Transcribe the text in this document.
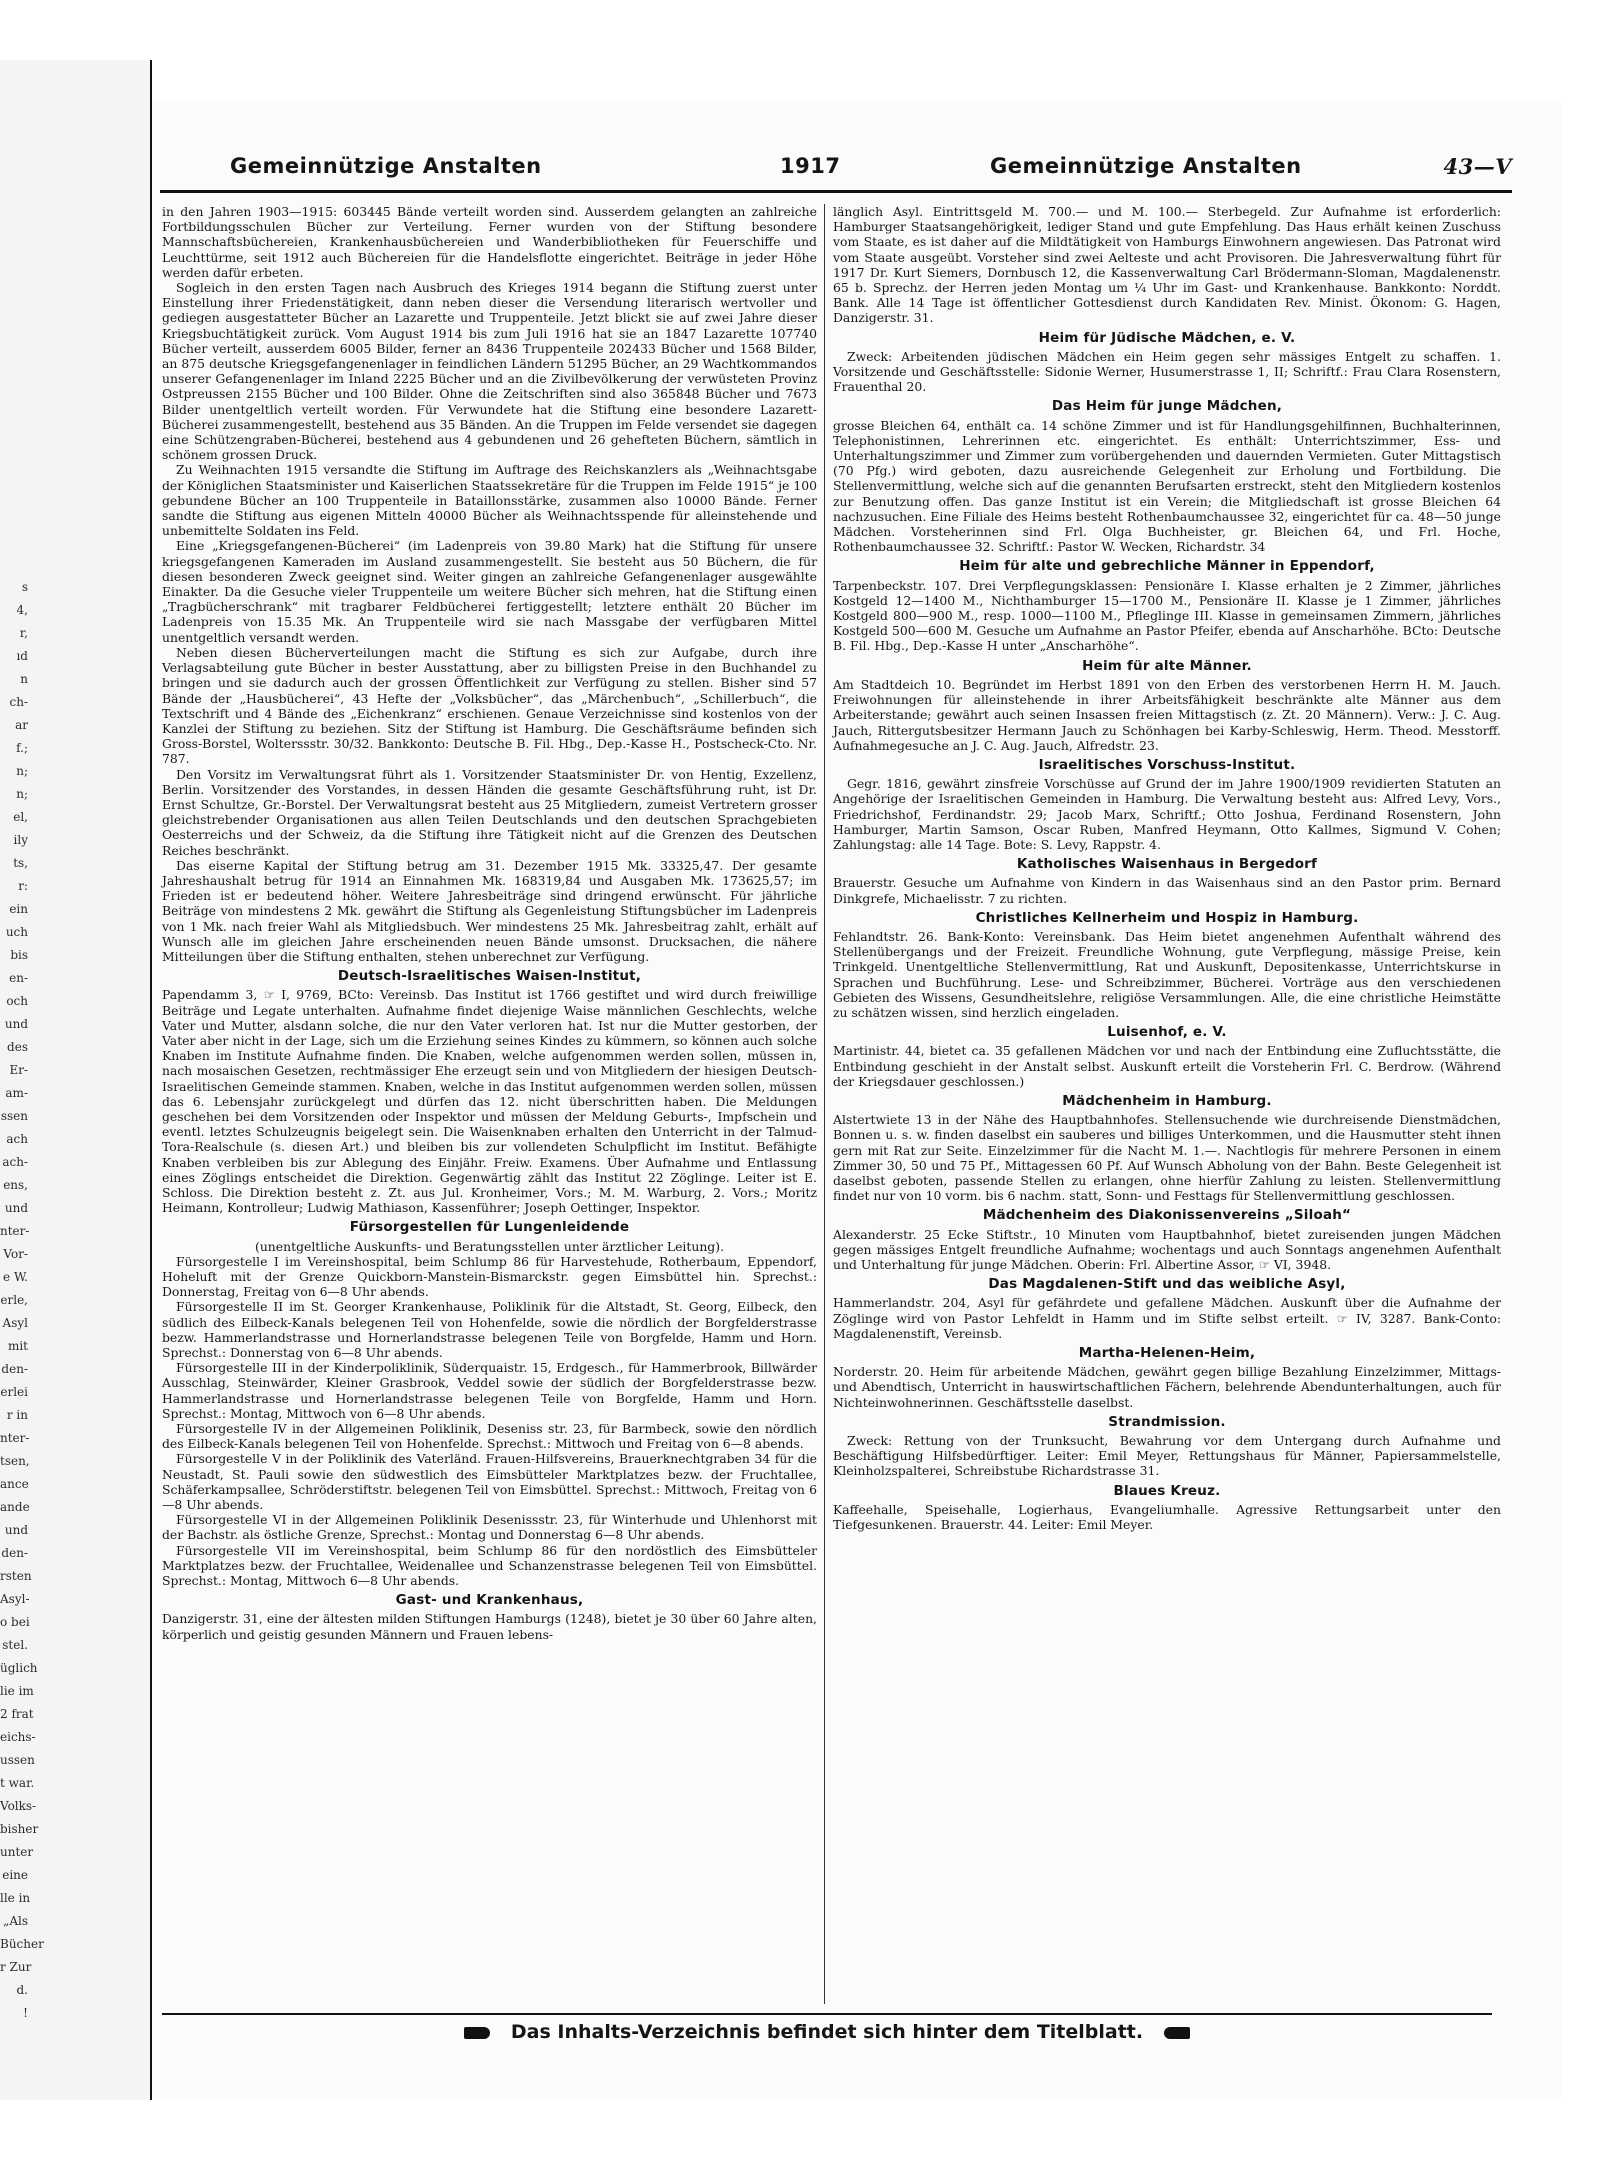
s
4,
r,
ıd
n
ch-
ar
f.;
n;
n;
el,
ily
ts,
r:
ein
uch
bis
en-
och
und
des
Er-
am-
ssen
ach
ach-
ens,
und
nter-
Vor-
e W.
erle,
Asyl
mit
den-
erlei
r in
nter-
tsen,
ance
ande
und
den-
rsten
Asyl-
o bei
stel.
üglich
lie im
2 frat
eichs-
ussen
t war.
Volks-
bisher
unter
eine
lle in
„Als
Bücher
r Zur
d.
!
Gemeinnützige Anstalten	1917	Gemeinnützige Anstalten	43—V

in den Jahren 1903—1915: 603445 Bände verteilt worden sind. Ausserdem gelangten an zahlreiche Fortbildungsschulen Bücher zur Verteilung. Ferner wurden von der Stiftung besondere Mannschaftsbüchereien, Krankenhausbüchereien und Wanderbibliotheken für Feuerschiffe und Leuchttürme, seit 1912 auch Büchereien für die Handelsflotte eingerichtet. Beiträge in jeder Höhe werden dafür erbeten.

Sogleich in den ersten Tagen nach Ausbruch des Krieges 1914 begann die Stiftung zuerst unter Einstellung ihrer Friedenstätigkeit, dann neben dieser die Versendung literarisch wertvoller und gediegen ausgestatteter Bücher an Lazarette und Truppenteile. Jetzt blickt sie auf zwei Jahre dieser Kriegsbuchtätigkeit zurück. Vom August 1914 bis zum Juli 1916 hat sie an 1847 Lazarette 107740 Bücher verteilt, ausserdem 6005 Bilder, ferner an 8436 Truppenteile 202433 Bücher und 1568 Bilder, an 875 deutsche Kriegsgefangenenlager in feindlichen Ländern 51295 Bücher, an 29 Wachtkommandos unserer Gefangenenlager im Inland 2225 Bücher und an die Zivilbevölkerung der verwüsteten Provinz Ostpreussen 2155 Bücher und 100 Bilder. Ohne die Zeitschriften sind also 365848 Bücher und 7673 Bilder unentgeltlich verteilt worden. Für Verwundete hat die Stiftung eine besondere Lazarett-Bücherei zusammengestellt, bestehend aus 35 Bänden. An die Truppen im Felde versendet sie dagegen eine Schützengraben-Bücherei, bestehend aus 4 gebundenen und 26 gehefteten Büchern, sämtlich in schönem grossen Druck.

Zu Weihnachten 1915 versandte die Stiftung im Auftrage des Reichskanzlers als „Weihnachtsgabe der Königlichen Staatsminister und Kaiserlichen Staatssekretäre für die Truppen im Felde 1915“ je 100 gebundene Bücher an 100 Truppenteile in Bataillonsstärke, zusammen also 10000 Bände. Ferner sandte die Stiftung aus eigenen Mitteln 40000 Bücher als Weihnachtsspende für alleinstehende und unbemittelte Soldaten ins Feld.

Eine „Kriegsgefangenen-Bücherei“ (im Ladenpreis von 39.80 Mark) hat die Stiftung für unsere kriegsgefangenen Kameraden im Ausland zusammengestellt. Sie besteht aus 50 Büchern, die für diesen besonderen Zweck geeignet sind. Weiter gingen an zahlreiche Gefangenenlager ausgewählte Einakter. Da die Gesuche vieler Truppenteile um weitere Bücher sich mehren, hat die Stiftung einen „Tragbücherschrank“ mit tragbarer Feldbücherei fertiggestellt; letztere enthält 20 Bücher im Ladenpreis von 15.35 Mk. An Truppenteile wird sie nach Massgabe der verfügbaren Mittel unentgeltlich versandt werden.

Neben diesen Bücherverteilungen macht die Stiftung es sich zur Aufgabe, durch ihre Verlagsabteilung gute Bücher in bester Ausstattung, aber zu billigsten Preise in den Buchhandel zu bringen und sie dadurch auch der grossen Öffentlichkeit zur Verfügung zu stellen. Bisher sind 57 Bände der „Hausbücherei“, 43 Hefte der „Volksbücher“, das „Märchenbuch“, „Schillerbuch“, die Textschrift und 4 Bände des „Eichenkranz“ erschienen. Genaue Verzeichnisse sind kostenlos von der Kanzlei der Stiftung zu beziehen. Sitz der Stiftung ist Hamburg. Die Geschäftsräume befinden sich Gross-Borstel, Wolterssstr. 30/32. Bankkonto: Deutsche B. Fil. Hbg., Dep.-Kasse H., Postscheck-Cto. Nr. 787.

Den Vorsitz im Verwaltungsrat führt als 1. Vorsitzender Staatsminister Dr. von Hentig, Exzellenz, Berlin. Vorsitzender des Vorstandes, in dessen Händen die gesamte Geschäftsführung ruht, ist Dr. Ernst Schultze, Gr.-Borstel. Der Verwaltungsrat besteht aus 25 Mitgliedern, zumeist Vertretern grosser gleichstrebender Organisationen aus allen Teilen Deutschlands und den deutschen Sprachgebieten Oesterreichs und der Schweiz, da die Stiftung ihre Tätigkeit nicht auf die Grenzen des Deutschen Reiches beschränkt.

Das eiserne Kapital der Stiftung betrug am 31. Dezember 1915 Mk. 33325,47. Der gesamte Jahreshaushalt betrug für 1914 an Einnahmen Mk. 168319,84 und Ausgaben Mk. 173625,57; im Frieden ist er bedeutend höher. Weitere Jahresbeiträge sind dringend erwünscht. Für jährliche Beiträge von mindestens 2 Mk. gewährt die Stiftung als Gegenleistung Stiftungsbücher im Ladenpreis von 1 Mk. nach freier Wahl als Mitgliedsbuch. Wer mindestens 25 Mk. Jahresbeitrag zahlt, erhält auf Wunsch alle im gleichen Jahre erscheinenden neuen Bände umsonst. Drucksachen, die nähere Mitteilungen über die Stiftung enthalten, stehen unberechnet zur Verfügung.

Deutsch-Israelitisches Waisen-Institut,

Papendamm 3, ☞ I, 9769, BCto: Vereinsb. Das Institut ist 1766 gestiftet und wird durch freiwillige Beiträge und Legate unterhalten. Aufnahme findet diejenige Waise männlichen Geschlechts, welche Vater und Mutter, alsdann solche, die nur den Vater verloren hat. Ist nur die Mutter gestorben, der Vater aber nicht in der Lage, sich um die Erziehung seines Kindes zu kümmern, so können auch solche Knaben im Institute Aufnahme finden. Die Knaben, welche aufgenommen werden sollen, müssen in, nach mosaischen Gesetzen, rechtmässiger Ehe erzeugt sein und von Mitgliedern der hiesigen Deutsch-Israelitischen Gemeinde stammen. Knaben, welche in das Institut aufgenommen werden sollen, müssen das 6. Lebensjahr zurückgelegt und dürfen das 12. nicht überschritten haben. Die Meldungen geschehen bei dem Vorsitzenden oder Inspektor und müssen der Meldung Geburts-, Impfschein und eventl. letztes Schulzeugnis beigelegt sein. Die Waisenknaben erhalten den Unterricht in der Talmud-Tora-Realschule (s. diesen Art.) und bleiben bis zur vollendeten Schulpflicht im Institut. Befähigte Knaben verbleiben bis zur Ablegung des Einjähr. Freiw. Examens. Über Aufnahme und Entlassung eines Zöglings entscheidet die Direktion. Gegenwärtig zählt das Institut 22 Zöglinge. Leiter ist E. Schloss. Die Direktion besteht z. Zt. aus Jul. Kronheimer, Vors.; M. M. Warburg, 2. Vors.; Moritz Heimann, Kontrolleur; Ludwig Mathiason, Kassenführer; Joseph Oettinger, Inspektor.

Fürsorgestellen für Lungenleidende

(unentgeltliche Auskunfts- und Beratungsstellen unter ärztlicher Leitung).

Fürsorgestelle I im Vereinshospital, beim Schlump 86 für Harvestehude, Rotherbaum, Eppendorf, Hoheluft mit der Grenze Quickborn-Manstein-Bismarckstr. gegen Eimsbüttel hin. Sprechst.: Donnerstag, Freitag von 6—8 Uhr abends.

Fürsorgestelle II im St. Georger Krankenhause, Poliklinik für die Altstadt, St. Georg, Eilbeck, den südlich des Eilbeck-Kanals belegenen Teil von Hohenfelde, sowie die nördlich der Borgfelderstrasse bezw. Hammerlandstrasse und Hornerlandstrasse belegenen Teile von Borgfelde, Hamm und Horn. Sprechst.: Donnerstag von 6—8 Uhr abends.

Fürsorgestelle III in der Kinderpoliklinik, Süderquaistr. 15, Erdgesch., für Hammerbrook, Billwärder Ausschlag, Steinwärder, Kleiner Grasbrook, Veddel sowie der südlich der Borgfelderstrasse bezw. Hammerlandstrasse und Hornerlandstrasse belegenen Teile von Borgfelde, Hamm und Horn. Sprechst.: Montag, Mittwoch von 6—8 Uhr abends.

Fürsorgestelle IV in der Allgemeinen Poliklinik, Deseniss str. 23, für Barmbeck, sowie den nördlich des Eilbeck-Kanals belegenen Teil von Hohenfelde. Sprechst.: Mittwoch und Freitag von 6—8 abends.

Fürsorgestelle V in der Poliklinik des Vaterländ. Frauen-Hilfsvereins, Brauerknechtgraben 34 für die Neustadt, St. Pauli sowie den südwestlich des Eimsbütteler Marktplatzes bezw. der Fruchtallee, Schäferkampsallee, Schröderstiftstr. belegenen Teil von Eimsbüttel. Sprechst.: Mittwoch, Freitag von 6—8 Uhr abends.

Fürsorgestelle VI in der Allgemeinen Poliklinik Desenissstr. 23, für Winterhude und Uhlenhorst mit der Bachstr. als östliche Grenze, Sprechst.: Montag und Donnerstag 6—8 Uhr abends.

Fürsorgestelle VII im Vereinshospital, beim Schlump 86 für den nordöstlich des Eimsbütteler Marktplatzes bezw. der Fruchtallee, Weidenallee und Schanzenstrasse belegenen Teil von Eimsbüttel. Sprechst.: Montag, Mittwoch 6—8 Uhr abends.

Gast- und Krankenhaus,

Danzigerstr. 31, eine der ältesten milden Stiftungen Hamburgs (1248), bietet je 30 über 60 Jahre alten, körperlich und geistig gesunden Männern und Frauen lebens-

länglich Asyl. Eintrittsgeld M. 700.— und M. 100.— Sterbegeld. Zur Aufnahme ist erforderlich: Hamburger Staatsangehörigkeit, lediger Stand und gute Empfehlung. Das Haus erhält keinen Zuschuss vom Staate, es ist daher auf die Mildtätigkeit von Hamburgs Einwohnern angewiesen. Das Patronat wird vom Staate ausgeübt. Vorsteher sind zwei Aelteste und acht Provisoren. Die Jahresverwaltung führt für 1917 Dr. Kurt Siemers, Dornbusch 12, die Kassenverwaltung Carl Brödermann-Sloman, Magdalenenstr. 65 b. Sprechz. der Herren jeden Montag um ¼ Uhr im Gast- und Krankenhause. Bankkonto: Norddt. Bank. Alle 14 Tage ist öffentlicher Gottesdienst durch Kandidaten Rev. Minist. Ökonom: G. Hagen, Danzigerstr. 31.

Heim für Jüdische Mädchen, e. V.

Zweck: Arbeitenden jüdischen Mädchen ein Heim gegen sehr mässiges Entgelt zu schaffen. 1. Vorsitzende und Geschäftsstelle: Sidonie Werner, Husumerstrasse 1, II; Schriftf.: Frau Clara Rosenstern, Frauenthal 20.

Das Heim für junge Mädchen,

grosse Bleichen 64, enthält ca. 14 schöne Zimmer und ist für Handlungsgehilfinnen, Buchhalterinnen, Telephonistinnen, Lehrerinnen etc. eingerichtet. Es enthält: Unterrichtszimmer, Ess- und Unterhaltungszimmer und Zimmer zum vorübergehenden und dauernden Vermieten. Guter Mittagstisch (70 Pfg.) wird geboten, dazu ausreichende Gelegenheit zur Erholung und Fortbildung. Die Stellenvermittlung, welche sich auf die genannten Berufsarten erstreckt, steht den Mitgliedern kostenlos zur Benutzung offen. Das ganze Institut ist ein Verein; die Mitgliedschaft ist grosse Bleichen 64 nachzusuchen. Eine Filiale des Heims besteht Rothenbaumchaussee 32, eingerichtet für ca. 48—50 junge Mädchen. Vorsteherinnen sind Frl. Olga Buchheister, gr. Bleichen 64, und Frl. Hoche, Rothenbaumchaussee 32. Schriftf.: Pastor W. Wecken, Richardstr. 34

Heim für alte und gebrechliche Männer in Eppendorf,

Tarpenbeckstr. 107. Drei Verpflegungsklassen: Pensionäre I. Klasse erhalten je 2 Zimmer, jährliches Kostgeld 12—1400 M., Nichthamburger 15—1700 M., Pensionäre II. Klasse je 1 Zimmer, jährliches Kostgeld 800—900 M., resp. 1000—1100 M., Pfleglinge III. Klasse in gemeinsamen Zimmern, jährliches Kostgeld 500—600 M. Gesuche um Aufnahme an Pastor Pfeifer, ebenda auf Anscharhöhe. BCto: Deutsche B. Fil. Hbg., Dep.-Kasse H unter „Anscharhöhe“.

Heim für alte Männer.

Am Stadtdeich 10. Begründet im Herbst 1891 von den Erben des verstorbenen Herrn H. M. Jauch. Freiwohnungen für alleinstehende in ihrer Arbeitsfähigkeit beschränkte alte Männer aus dem Arbeiterstande; gewährt auch seinen Insassen freien Mittagstisch (z. Zt. 20 Männern). Verw.: J. C. Aug. Jauch, Rittergutsbesitzer Hermann Jauch zu Schönhagen bei Karby-Schleswig, Herm. Theod. Messtorff. Aufnahmegesuche an J. C. Aug. Jauch, Alfredstr. 23.

Israelitisches Vorschuss-Institut.

Gegr. 1816, gewährt zinsfreie Vorschüsse auf Grund der im Jahre 1900/1909 revidierten Statuten an Angehörige der Israelitischen Gemeinden in Hamburg. Die Verwaltung besteht aus: Alfred Levy, Vors., Friedrichshof, Ferdinandstr. 29; Jacob Marx, Schriftf.; Otto Joshua, Ferdinand Rosenstern, John Hamburger, Martin Samson, Oscar Ruben, Manfred Heymann, Otto Kallmes, Sigmund V. Cohen; Zahlungstag: alle 14 Tage. Bote: S. Levy, Rappstr. 4.

Katholisches Waisenhaus in Bergedorf

Brauerstr. Gesuche um Aufnahme von Kindern in das Waisenhaus sind an den Pastor prim. Bernard Dinkgrefe, Michaelisstr. 7 zu richten.

Christliches Kellnerheim und Hospiz in Hamburg.

Fehlandtstr. 26. Bank-Konto: Vereinsbank. Das Heim bietet angenehmen Aufenthalt während des Stellenübergangs und der Freizeit. Freundliche Wohnung, gute Verpflegung, mässige Preise, kein Trinkgeld. Unentgeltliche Stellenvermittlung, Rat und Auskunft, Depositenkasse, Unterrichtskurse in Sprachen und Buchführung. Lese- und Schreibzimmer, Bücherei. Vorträge aus den verschiedenen Gebieten des Wissens, Gesundheitslehre, religiöse Versammlungen. Alle, die eine christliche Heimstätte zu schätzen wissen, sind herzlich eingeladen.

Luisenhof, e. V.

Martinistr. 44, bietet ca. 35 gefallenen Mädchen vor und nach der Entbindung eine Zufluchtsstätte, die Entbindung geschieht in der Anstalt selbst. Auskunft erteilt die Vorsteherin Frl. C. Berdrow. (Während der Kriegsdauer geschlossen.)

Mädchenheim in Hamburg.

Alstertwiete 13 in der Nähe des Hauptbahnhofes. Stellensuchende wie durchreisende Dienstmädchen, Bonnen u. s. w. finden daselbst ein sauberes und billiges Unterkommen, und die Hausmutter steht ihnen gern mit Rat zur Seite. Einzelzimmer für die Nacht M. 1.—. Nachtlogis für mehrere Personen in einem Zimmer 30, 50 und 75 Pf., Mittagessen 60 Pf. Auf Wunsch Abholung von der Bahn. Beste Gelegenheit ist daselbst geboten, passende Stellen zu erlangen, ohne hierfür Zahlung zu leisten. Stellenvermittlung findet nur von 10 vorm. bis 6 nachm. statt, Sonn- und Festtags für Stellenvermittlung geschlossen.

Mädchenheim des Diakonissenvereins „Siloah“

Alexanderstr. 25 Ecke Stiftstr., 10 Minuten vom Hauptbahnhof, bietet zureisenden jungen Mädchen gegen mässiges Entgelt freundliche Aufnahme; wochentags und auch Sonntags angenehmen Aufenthalt und Unterhaltung für junge Mädchen. Oberin: Frl. Albertine Assor, ☞ VI, 3948.

Das Magdalenen-Stift und das weibliche Asyl,

Hammerlandstr. 204, Asyl für gefährdete und gefallene Mädchen. Auskunft über die Aufnahme der Zöglinge wird von Pastor Lehfeldt in Hamm und im Stifte selbst erteilt. ☞ IV, 3287. Bank-Conto: Magdalenenstift, Vereinsb.

Martha-Helenen-Heim,

Norderstr. 20. Heim für arbeitende Mädchen, gewährt gegen billige Bezahlung Einzelzimmer, Mittags- und Abendtisch, Unterricht in hauswirtschaftlichen Fächern, belehrende Abendunterhaltungen, auch für Nichteinwohnerinnen. Geschäftsstelle daselbst.

Strandmission.

Zweck: Rettung von der Trunksucht, Bewahrung vor dem Untergang durch Aufnahme und Beschäftigung Hilfsbedürftiger. Leiter: Emil Meyer, Rettungshaus für Männer, Papiersammelstelle, Kleinholzspalterei, Schreibstube Richardstrasse 31.

Blaues Kreuz.

Kaffeehalle, Speisehalle, Logierhaus, Evangeliumhalle. Agressive Rettungsarbeit unter den Tiefgesunkenen. Brauerstr. 44. Leiter: Emil Meyer.

Das Inhalts-Verzeichnis befindet sich hinter dem Titelblatt.
